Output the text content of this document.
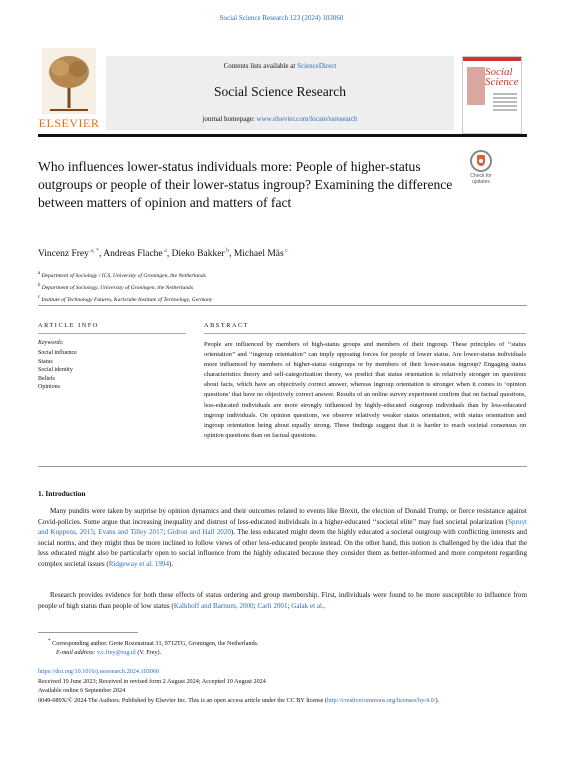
Social Science Research 123 (2024) 103060
ELSEVIER
Contents lists available at ScienceDirect
Social Science Research
journal homepage: www.elsevier.com/locate/ssresearch
Social
Science
Check for
updates
Who influences lower-status individuals more: People of higher-status outgroups or people of their lower-status ingroup? Examining the difference between matters of opinion and matters of fact
Vincenz Frey $^{a, *}$, Andreas Flache $^a$, Dieko Bakker $^b$, Michael Mäs $^c$
$^a$ Department of Sociology / ICS, University of Groningen, the Netherlands
$^b$ Department of Sociology, University of Groningen, the Netherlands
$^c$ Institute of Technology Futures, Karlsruhe Institute of Technology, Germany
ARTICLE INFO
Keywords:
Social influence
Status
Social identity
Beliefs
Opinions
ABSTRACT
People are influenced by members of high-status groups and members of their ingroup. These principles of ‘‘status orientation’’ and ‘‘ingroup orientation’’ can imply opposing forces for people of lower status. Are lower-status individuals more influenced by members of higher-status outgroups or by members of their lower-status ingroup? Engaging status characteristics theory and self-categorization theory, we predict that status orientation is relatively stronger on questions about facts, which have an objectively correct answer, whereas ingroup orientation is stronger when it comes to ‘opinion questions’ that have no objectively correct answer. Results of an online survey experiment confirm that on factual questions, less-educated individuals are more strongly influenced by highly-educated outgroup individuals than by less-educated ingroup individuals. On opinion questions, we observe relatively weaker status orientation, with status orientation and ingroup orientation being about equally strong. These findings suggest that it is harder to reach societal consensus on opinion questions than on factual questions.
1. Introduction
Many pundits were taken by surprise by opinion dynamics and their outcomes related to events like Brexit, the election of Donald Trump, or fierce resistance against Covid-policies. Some argue that increasing inequality and distrust of less-educated individuals in a higher-educated ‘‘societal elite’’ may fuel societal polarization (Spruyt and Kuppens, 2015; Evans and Tilley 2017; Gidron and Hall 2020). The less educated might deem the highly educated a societal outgroup with conflicting interests and social norms, and they might thus be more inclined to follow views of other less-educated people instead. On the other hand, this notion is challenged by the idea that the less educated might also be particularly open to social influence from the highly educated because they consider them as better-informed and more competent regarding complex societal issues (Ridgeway et al. 1994).
Research provides evidence for both these effects of status ordering and group membership. First, individuals were found to be more susceptible to influence from people of high status than people of low status (Kalkhoff and Barnum, 2000; Carli 2001; Galak et al.,
* Corresponding author. Grote Rozenstraat 31, 9712TG, Groningen, the Netherlands.
E-mail address: v.c.frey@rug.nl (V. Frey).
https://doi.org/10.1016/j.ssresearch.2024.103060
Received 19 June 2023; Received in revised form 2 August 2024; Accepted 10 August 2024
Available online 6 September 2024
0049-089X/© 2024 The Authors. Published by Elsevier Inc. This is an open access article under the CC BY license (http://creativecommons.org/licenses/by/4.0/).
